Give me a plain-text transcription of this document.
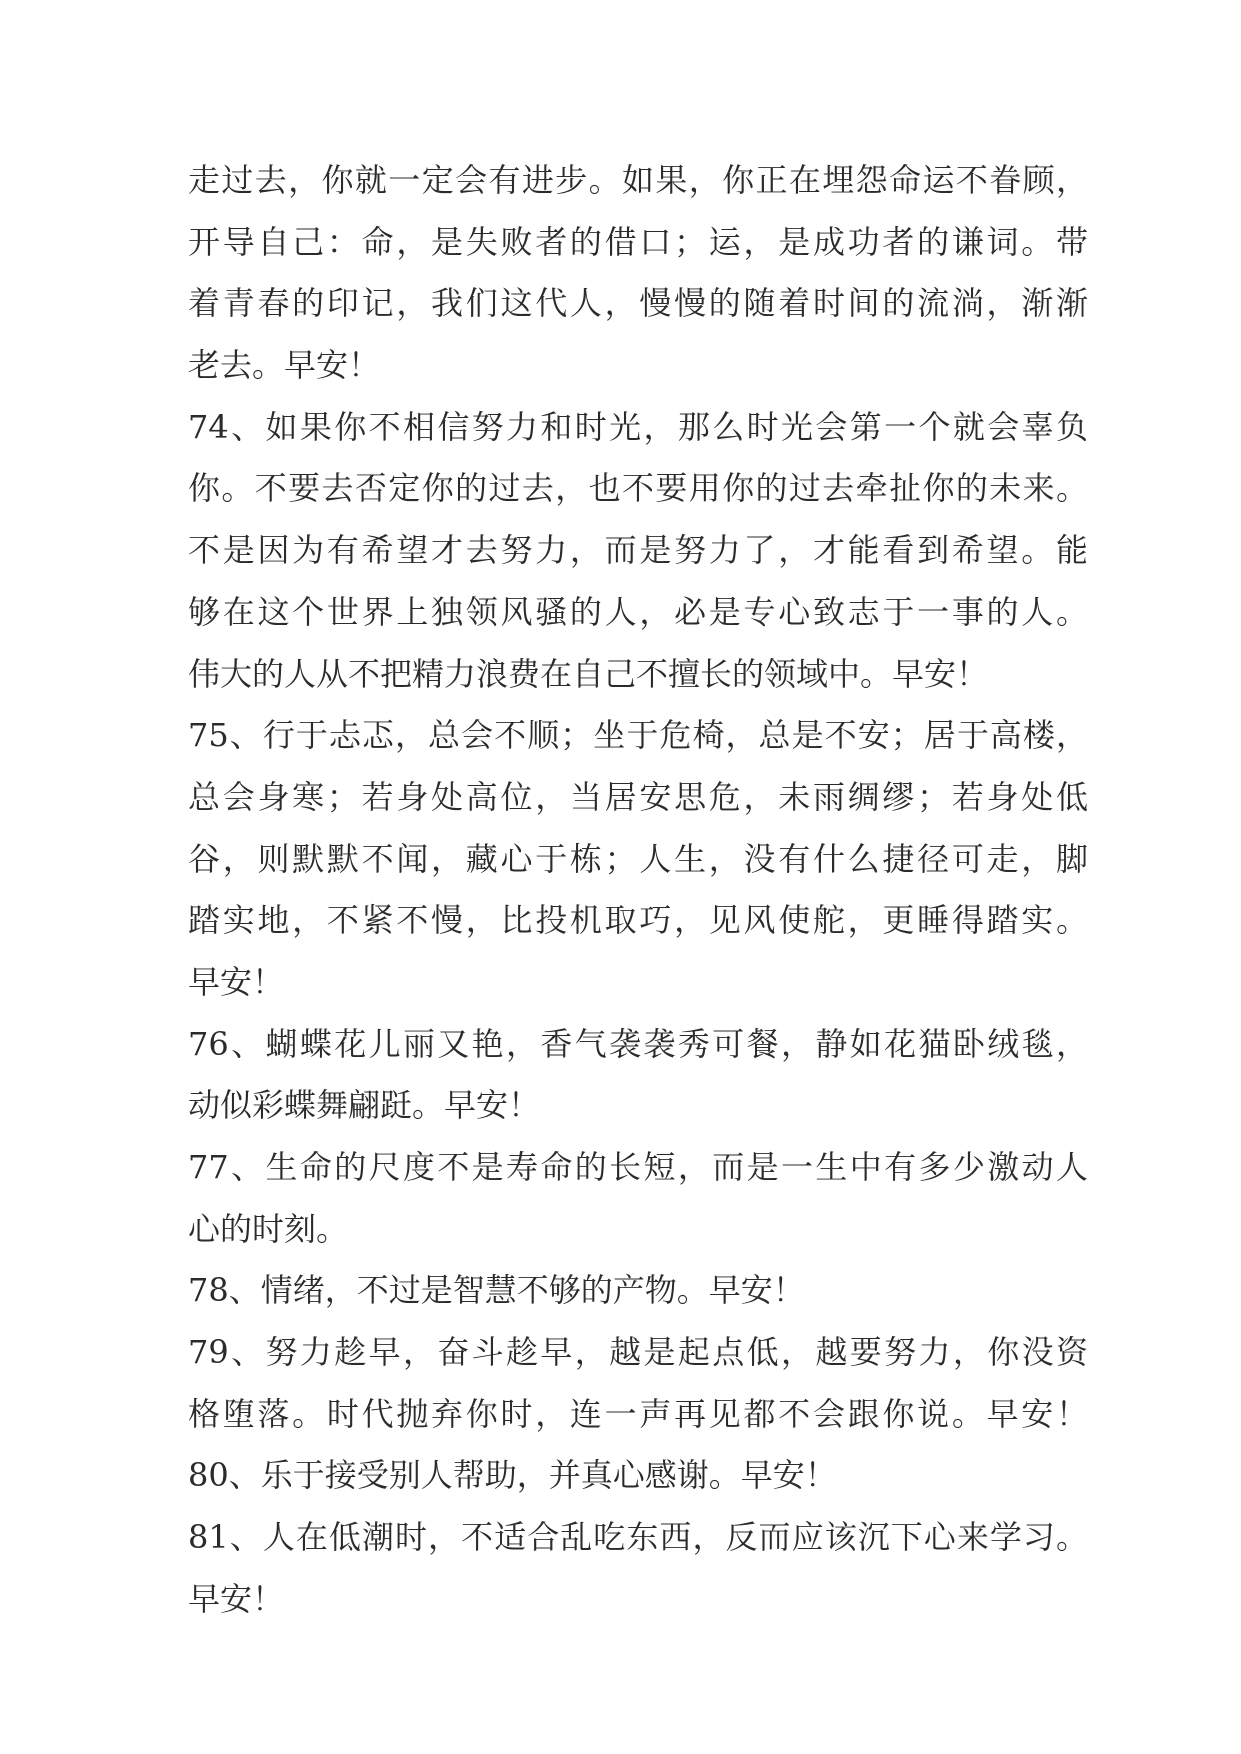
走过去，你就一定会有进步。如果，你正在埋怨命运不眷顾，
开导自己：命，是失败者的借口；运，是成功者的谦词。带
着青春的印记，我们这代人，慢慢的随着时间的流淌，渐渐
老去。早安！
74、如果你不相信努力和时光，那么时光会第一个就会辜负
你。不要去否定你的过去，也不要用你的过去牵扯你的未来。
不是因为有希望才去努力，而是努力了，才能看到希望。能
够在这个世界上独领风骚的人，必是专心致志于一事的人。
伟大的人从不把精力浪费在自己不擅长的领域中。早安！
75、行于忐忑，总会不顺；坐于危椅，总是不安；居于高楼，
总会身寒；若身处高位，当居安思危，未雨绸缪；若身处低
谷，则默默不闻，藏心于栋；人生，没有什么捷径可走，脚
踏实地，不紧不慢，比投机取巧，见风使舵，更睡得踏实。
早安！
76、蝴蝶花儿丽又艳，香气袭袭秀可餐，静如花猫卧绒毯，
动似彩蝶舞翩跹。早安！
77、生命的尺度不是寿命的长短，而是一生中有多少激动人
心的时刻。
78、情绪，不过是智慧不够的产物。早安！
79、努力趁早，奋斗趁早，越是起点低，越要努力，你没资
格堕落。时代抛弃你时，连一声再见都不会跟你说。早安！
80、乐于接受别人帮助，并真心感谢。早安！
81、人在低潮时，不适合乱吃东西，反而应该沉下心来学习。
早安！
